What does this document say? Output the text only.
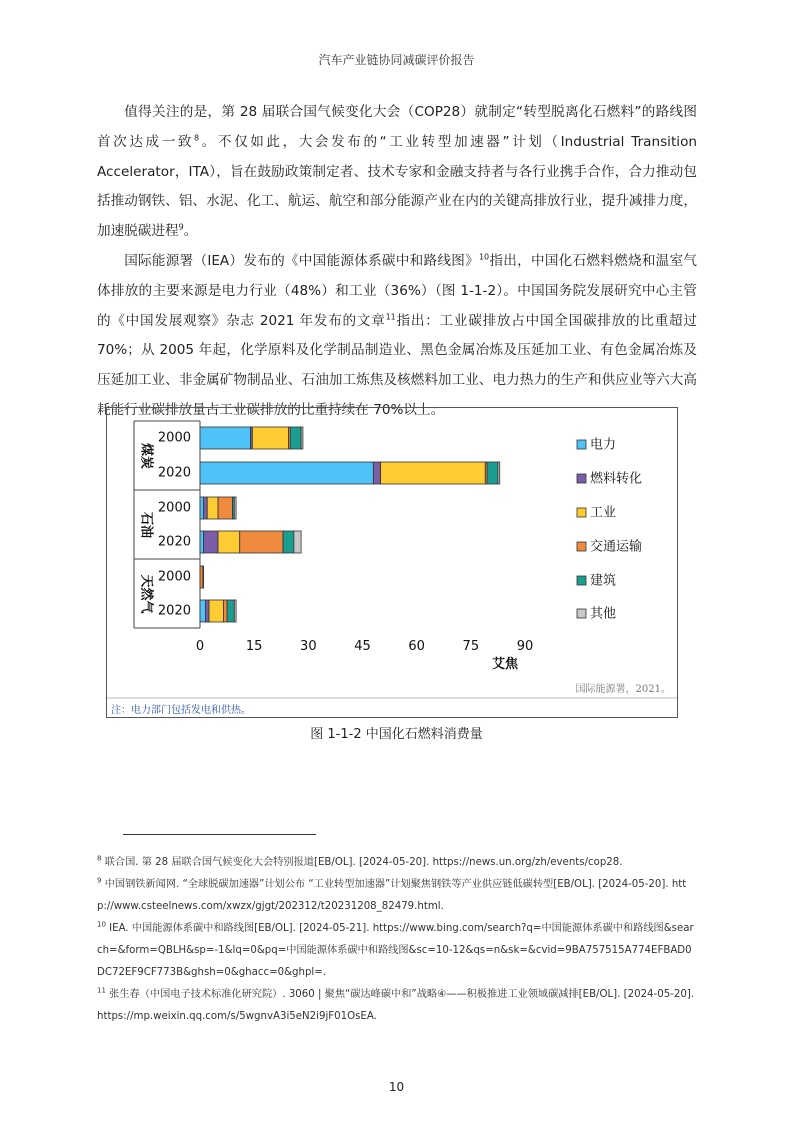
汽车产业链协同减碳评价报告

值得关注的是，第 28 届联合国气候变化大会（COP28）就制定“转型脱离化石燃料”的路线图首次达成一致$^8$。不仅如此，大会发布的“工业转型加速器”计划（Industrial Transition Accelerator，ITA），旨在鼓励政策制定者、技术专家和金融支持者与各行业携手合作，合力推动包括推动钢铁、铝、水泥、化工、航运、航空和部分能源产业在内的关键高排放行业，提升减排力度，加速脱碳进程$^9$。

国际能源署（IEA）发布的《中国能源体系碳中和路线图》$^{10}$指出，中国化石燃料燃烧和温室气体排放的主要来源是电力行业（48%）和工业（36%）（图 1-1-2）。中国国务院发展研究中心主管的《中国发展观察》杂志 2021 年发布的文章$^{11}$指出：工业碳排放占中国全国碳排放的比重超过 70%；从 2005 年起，化学原料及化学制品制造业、黑色金属冶炼及压延加工业、有色金属冶炼及压延加工业、非金属矿物制品业、石油加工炼焦及核燃料加工业、电力热力的生产和供应业等六大高耗能行业碳排放量占工业碳排放的比重持续在 70%以上。

煤炭
2000
2020
石油
2000
2020
天然气 2000
2020
0	15	30	45	60	75	90
艾焦
电力
燃料转化
工业
交通运输
建筑
其他
国际能源署，2021。
注：电力部门包括发电和供热。
图 1-1-2 中国化石燃料消费量

$^8$ 联合国. 第 28 届联合国气候变化大会特别报道[EB/OL]. [2024-05-20]. https://news.un.org/zh/events/cop28.

$^9$ 中国钢铁新闻网. “全球脱碳加速器”计划公布 “工业转型加速器”计划聚焦钢铁等产业供应链低碳转型[EB/OL]. [2024-05-20]. http://www.csteelnews.com/xwzx/gjgt/202312/t20231208_82479.html.

$^{10}$ IEA. 中国能源体系碳中和路线图[EB/OL]. [2024-05-21]. https://www.bing.com/search?q=中国能源体系碳中和路线图&search=&form=QBLH&sp=-1&lq=0&pq=中国能源体系碳中和路线图&sc=10-12&qs=n&sk=&cvid=9BA757515A774EFBAD0DC72EF9CF773B&ghsh=0&ghacc=0&ghpl=.

$^{11}$ 张生春（中国电子技术标准化研究院）. 3060 | 聚焦“碳达峰碳中和”战略④——积极推进工业领域碳减排[EB/OL]. [2024-05-20]. https://mp.weixin.qq.com/s/5wgnvA3i5eN2i9jF01OsEA.

10
